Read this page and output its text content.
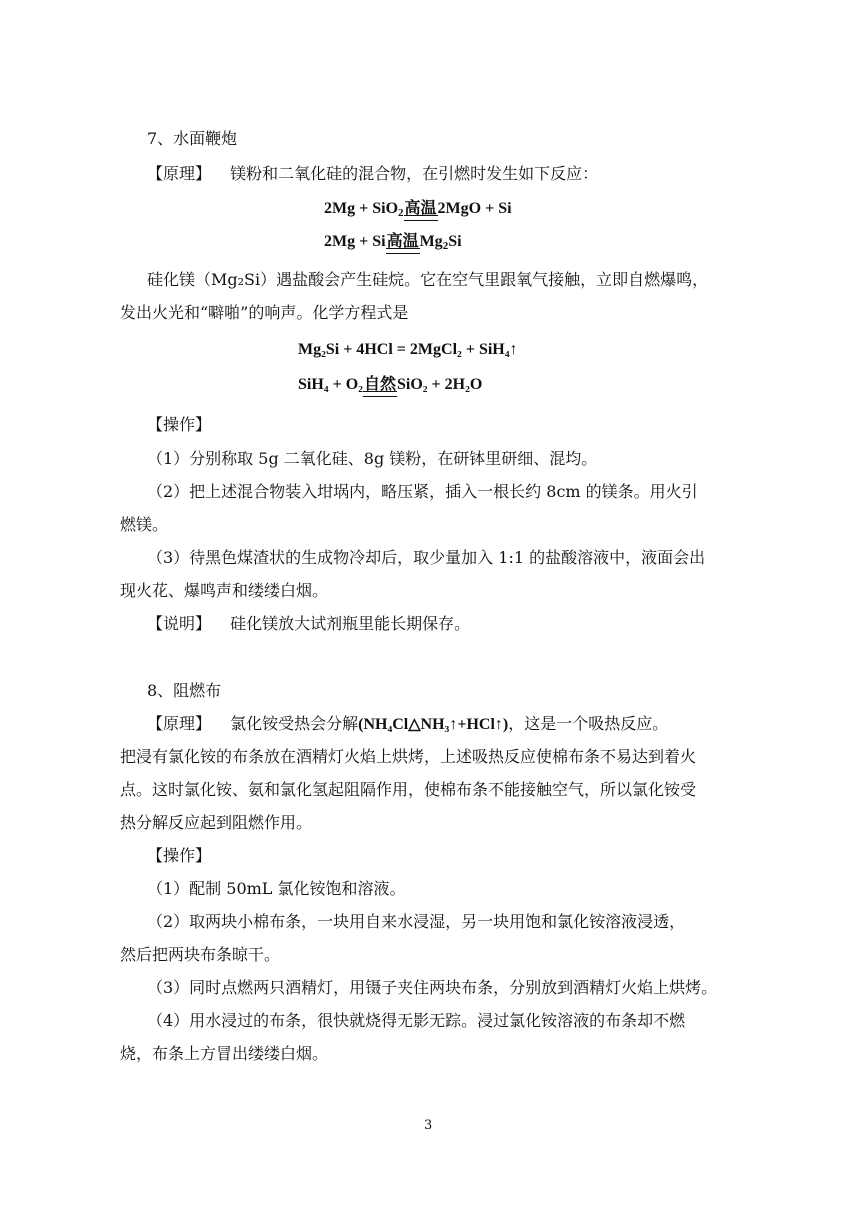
7、水面鞭炮
【原理】 镁粉和二氧化硅的混合物，在引燃时发生如下反应：
2Mg + SiO$_2$高温2MgO + Si
2Mg + Si高温$Mg_2Si$
硅化镁（Mg₂Si）遇盐酸会产生硅烷。它在空气里跟氧气接触，立即自燃爆鸣，
发出火光和“噼啪”的响声。化学方程式是
Mg₂Si + 4HCl = 2MgCl₂ + SiH₄↑
SiH₄ + O₂自然SiO₂ + 2H₂O
【操作】
（1）分别称取 5g 二氧化硅、8g 镁粉，在研钵里研细、混均。
（2）把上述混合物装入坩埚内，略压紧，插入一根长约 8cm 的镁条。用火引
燃镁。
（3）待黑色煤渣状的生成物冷却后，取少量加入 1:1 的盐酸溶液中，液面会出
现火花、爆鸣声和缕缕白烟。
【说明】 硅化镁放大试剂瓶里能长期保存。
8、阻燃布
【原理】 氯化铵受热会分解(NH₄Cl△NH₃↑+HCl↑)，这是一个吸热反应。
把浸有氯化铵的布条放在酒精灯火焰上烘烤，上述吸热反应使棉布条不易达到着火
点。这时氯化铵、氨和氯化氢起阻隔作用，使棉布条不能接触空气，所以氯化铵受
热分解反应起到阻燃作用。
【操作】
（1）配制 50mL 氯化铵饱和溶液。
（2）取两块小棉布条，一块用自来水浸湿，另一块用饱和氯化铵溶液浸透，
然后把两块布条晾干。
（3）同时点燃两只酒精灯，用镊子夹住两块布条，分别放到酒精灯火焰上烘烤。
（4）用水浸过的布条，很快就烧得无影无踪。浸过氯化铵溶液的布条却不燃
烧，布条上方冒出缕缕白烟。
3
